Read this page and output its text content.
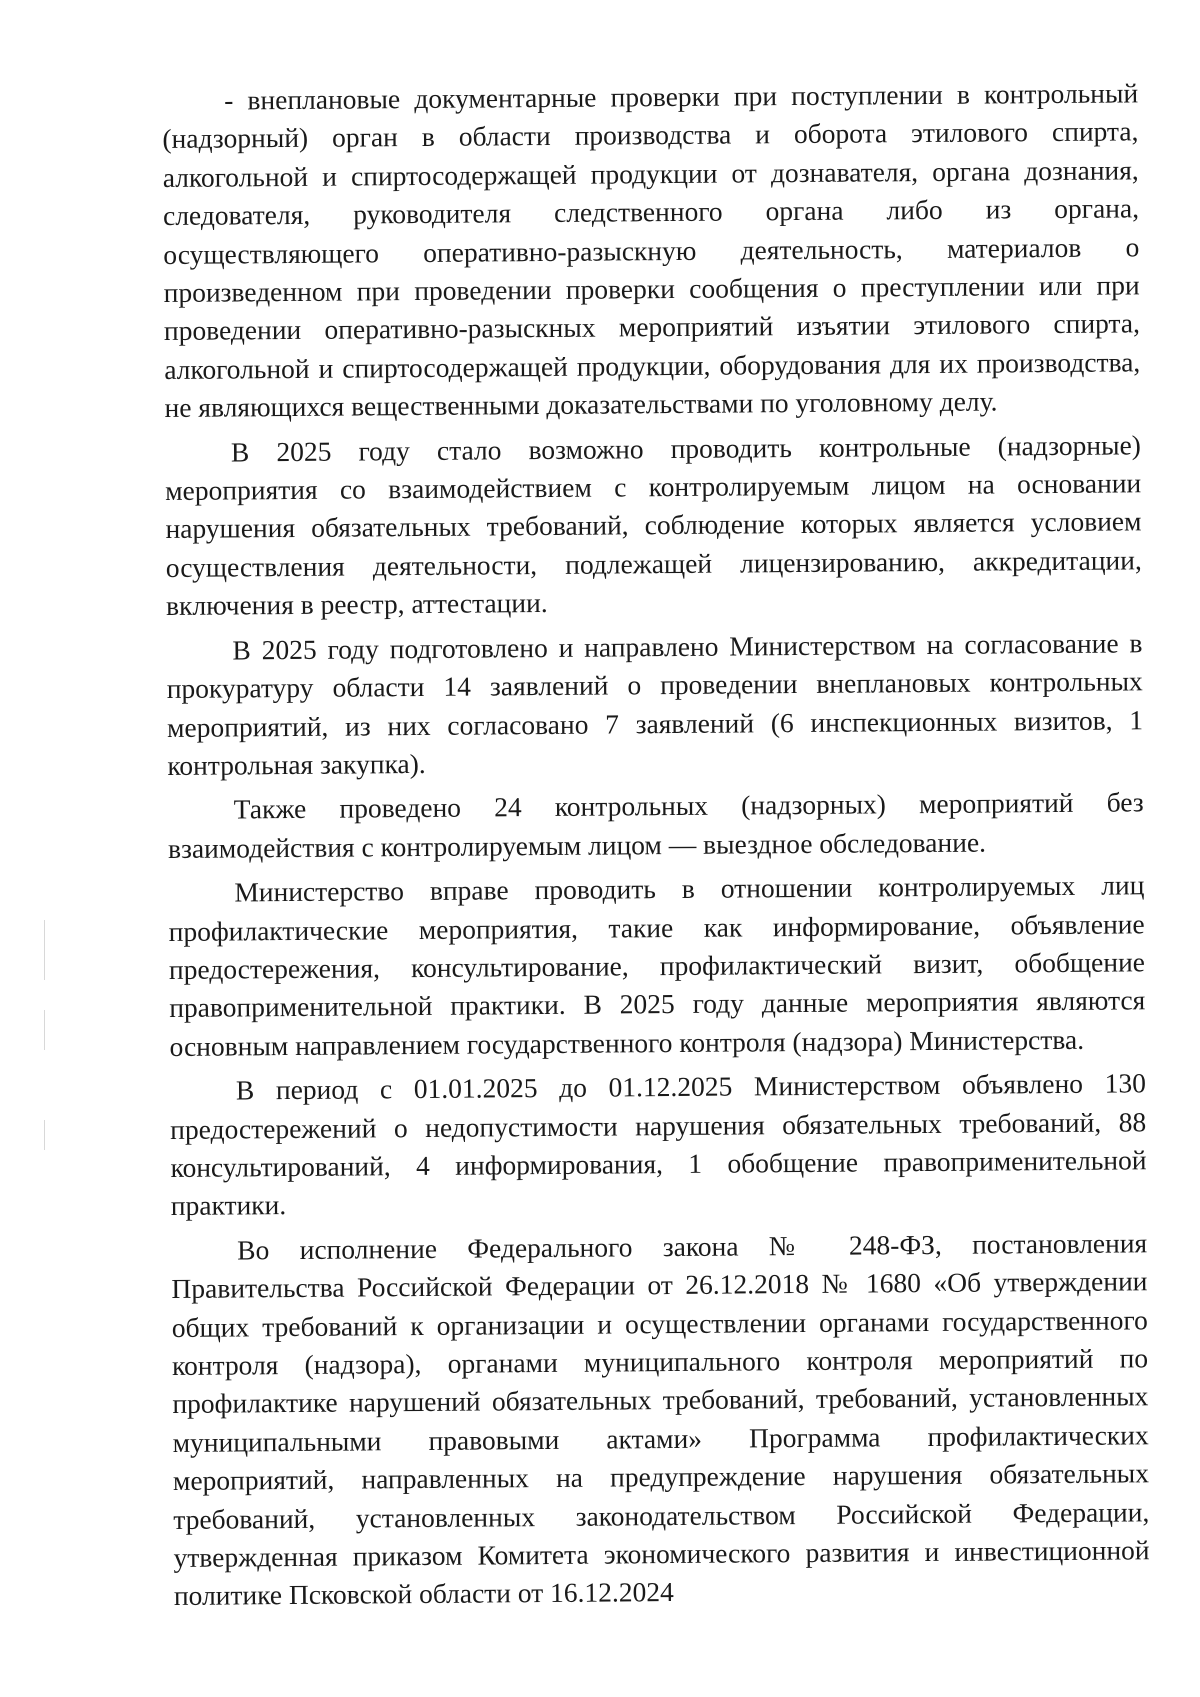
- внеплановые документарные проверки при поступлении в контрольный (надзорный) орган в области производства и оборота этилового спирта, алкогольной и спиртосодержащей продукции от дознавателя, органа дознания, следователя, руководителя следственного органа либо из органа, осуществляющего оперативно-разыскную деятельность, материалов о произведенном при проведении проверки сообщения о преступлении или при проведении оперативно-разыскных мероприятий изъятии этилового спирта, алкогольной и спиртосодержащей продукции, оборудования для их производства, не являющихся вещественными доказательствами по уголовному делу.

В 2025 году стало возможно проводить контрольные (надзорные) мероприятия со взаимодействием с контролируемым лицом на основании нарушения обязательных требований, соблюдение которых является условием осуществления деятельности, подлежащей лицензированию, аккредитации, включения в реестр, аттестации.

В 2025 году подготовлено и направлено Министерством на согласование в прокуратуру области 14 заявлений о проведении внеплановых контрольных мероприятий, из них согласовано 7 заявлений (6 инспекционных визитов, 1 контрольная закупка).

Также проведено 24 контрольных (надзорных) мероприятий без взаимодействия с контролируемым лицом — выездное обследование.

Министерство вправе проводить в отношении контролируемых лиц профилактические мероприятия, такие как информирование, объявление предостережения, консультирование, профилактический визит, обобщение правоприменительной практики. В 2025 году данные мероприятия являются основным направлением государственного контроля (надзора) Министерства.

В период с 01.01.2025 до 01.12.2025 Министерством объявлено 130 предостережений о недопустимости нарушения обязательных требований, 88 консультирований, 4 информирования, 1 обобщение правоприменительной практики.

Во исполнение Федерального закона № 248-ФЗ, постановления Правительства Российской Федерации от 26.12.2018 № 1680 «Об утверждении общих требований к организации и осуществлении органами государственного контроля (надзора), органами муниципального контроля мероприятий по профилактике нарушений обязательных требований, требований, установленных муниципальными правовыми актами» Программа профилактических мероприятий, направленных на предупреждение нарушения обязательных требований, установленных законодательством Российской Федерации, утвержденная приказом Комитета экономического развития и инвестиционной политике Псковской области от 16.12.2024
